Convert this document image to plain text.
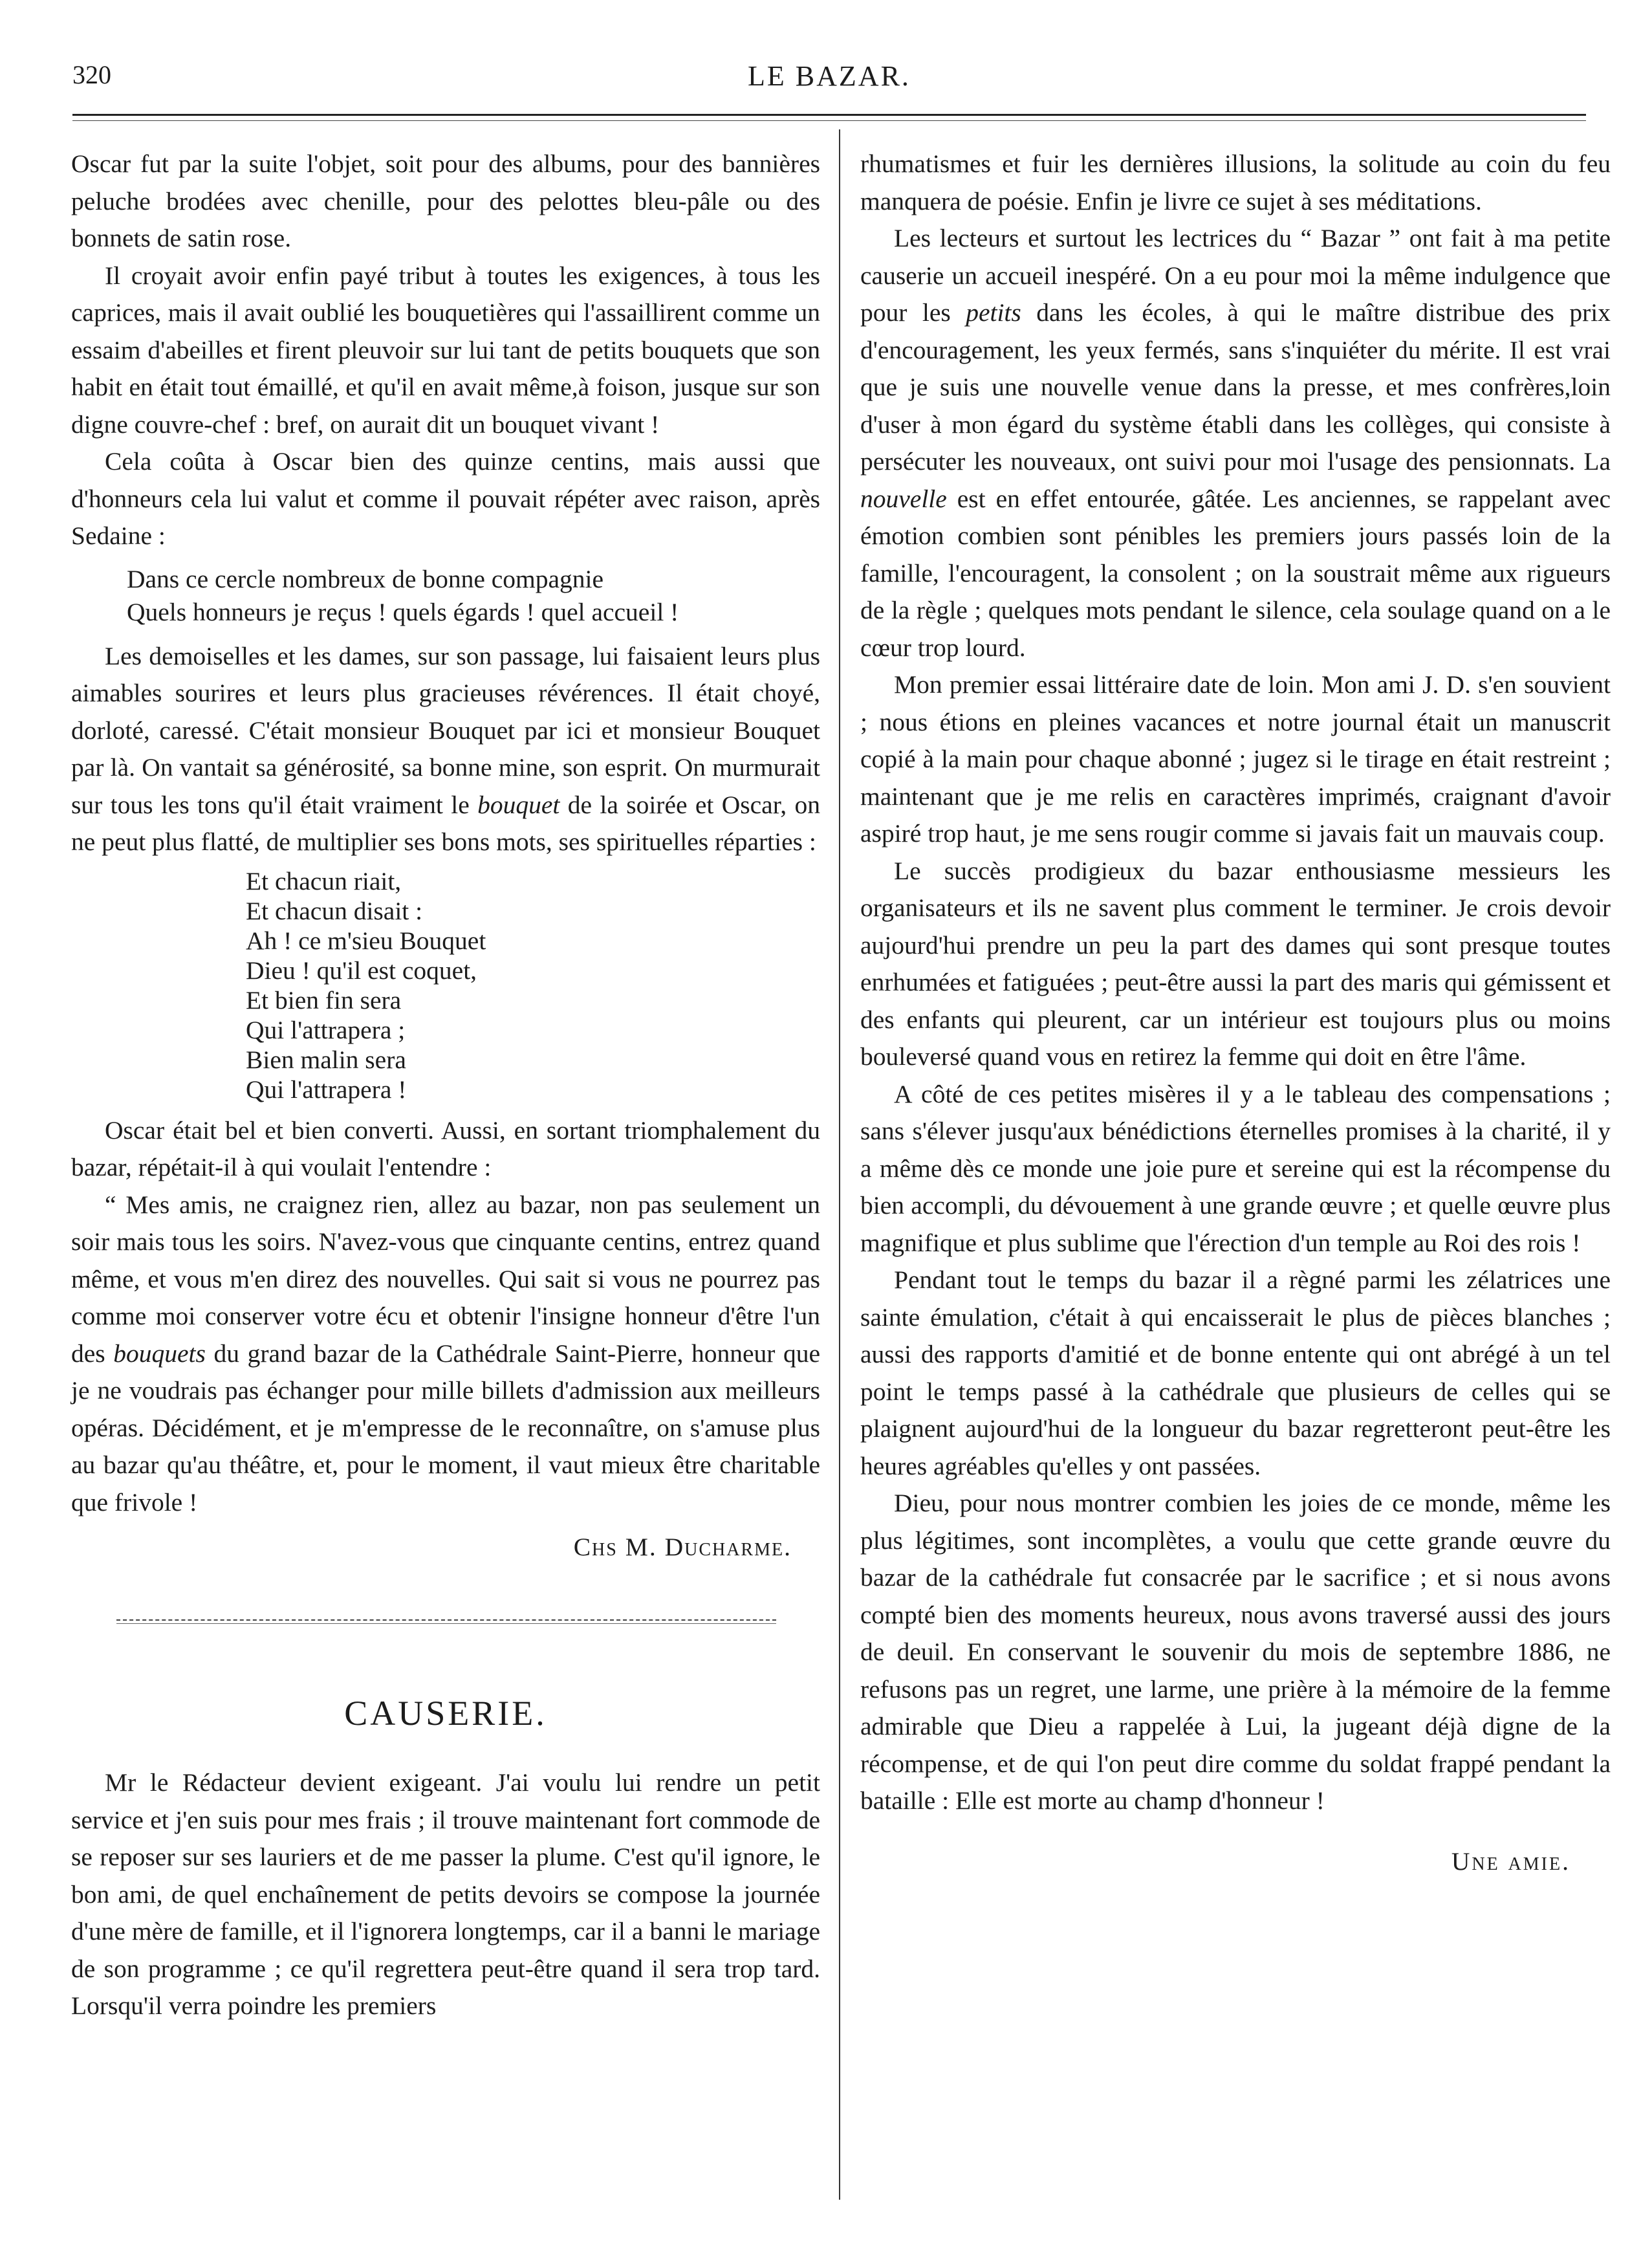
320	LE BAZAR.

Oscar fut par la suite l'objet, soit pour des albums, pour des bannières peluche brodées avec chenille, pour des pelottes bleu-pâle ou des bonnets de satin rose.

Il croyait avoir enfin payé tribut à toutes les exigences, à tous les caprices, mais il avait oublié les bouquetières qui l'assaillirent comme un essaim d'abeilles et firent pleuvoir sur lui tant de petits bouquets que son habit en était tout émaillé, et qu'il en avait même,à foison, jusque sur son digne couvre-chef : bref, on aurait dit un bouquet vivant !

Cela coûta à Oscar bien des quinze centins, mais aussi que d'honneurs cela lui valut et comme il pouvait répéter avec raison, après Sedaine :

Dans ce cercle nombreux de bonne compagnie
Quels honneurs je reçus ! quels égards ! quel accueil !

Les demoiselles et les dames, sur son passage, lui faisaient leurs plus aimables sourires et leurs plus gracieuses révérences. Il était choyé, dorloté, caressé. C'était monsieur Bouquet par ici et monsieur Bouquet par là. On vantait sa générosité, sa bonne mine, son esprit. On murmurait sur tous les tons qu'il était vraiment le bouquet de la soirée et Oscar, on ne peut plus flatté, de multiplier ses bons mots, ses spirituelles réparties :

Et chacun riait,
Et chacun disait :
Ah ! ce m'sieu Bouquet
Dieu ! qu'il est coquet,
Et bien fin sera
Qui l'attrapera ;
Bien malin sera
Qui l'attrapera !

Oscar était bel et bien converti. Aussi, en sortant triomphalement du bazar, répétait-il à qui voulait l'entendre :

“ Mes amis, ne craignez rien, allez au bazar, non pas seulement un soir mais tous les soirs. N'avez-vous que cinquante centins, entrez quand même, et vous m'en direz des nouvelles. Qui sait si vous ne pourrez pas comme moi conserver votre écu et obtenir l'insigne honneur d'être l'un des bouquets du grand bazar de la Cathédrale Saint-Pierre, honneur que je ne voudrais pas échanger pour mille billets d'admission aux meilleurs opéras. Décidément, et je m'empresse de le reconnaître, on s'amuse plus au bazar qu'au théâtre, et, pour le moment, il vaut mieux être charitable que frivole !

Chs M. Ducharme.
CAUSERIE.

Mr le Rédacteur devient exigeant. J'ai voulu lui rendre un petit service et j'en suis pour mes frais ; il trouve maintenant fort commode de se reposer sur ses lauriers et de me passer la plume. C'est qu'il ignore, le bon ami, de quel enchaînement de petits devoirs se compose la journée d'une mère de famille, et il l'ignorera longtemps, car il a banni le mariage de son programme ; ce qu'il regrettera peut-être quand il sera trop tard. Lorsqu'il verra poindre les premiers

rhumatismes et fuir les dernières illusions, la solitude au coin du feu manquera de poésie. Enfin je livre ce sujet à ses méditations.

Les lecteurs et surtout les lectrices du “ Bazar ” ont fait à ma petite causerie un accueil inespéré. On a eu pour moi la même indulgence que pour les petits dans les écoles, à qui le maître distribue des prix d'encouragement, les yeux fermés, sans s'inquiéter du mérite. Il est vrai que je suis une nouvelle venue dans la presse, et mes confrères,loin d'user à mon égard du système établi dans les collèges, qui consiste à persécuter les nouveaux, ont suivi pour moi l'usage des pensionnats. La nouvelle est en effet entourée, gâtée. Les anciennes, se rappelant avec émotion combien sont pénibles les premiers jours passés loin de la famille, l'encouragent, la consolent ; on la soustrait même aux rigueurs de la règle ; quelques mots pendant le silence, cela soulage quand on a le cœur trop lourd.

Mon premier essai littéraire date de loin. Mon ami J. D. s'en souvient ; nous étions en pleines vacances et notre journal était un manuscrit copié à la main pour chaque abonné ; jugez si le tirage en était restreint ; maintenant que je me relis en caractères imprimés, craignant d'avoir aspiré trop haut, je me sens rougir comme si javais fait un mauvais coup.

Le succès prodigieux du bazar enthousiasme messieurs les organisateurs et ils ne savent plus comment le terminer. Je crois devoir aujourd'hui prendre un peu la part des dames qui sont presque toutes enrhumées et fatiguées ; peut-être aussi la part des maris qui gémissent et des enfants qui pleurent, car un intérieur est toujours plus ou moins bouleversé quand vous en retirez la femme qui doit en être l'âme.

A côté de ces petites misères il y a le tableau des compensations ; sans s'élever jusqu'aux bénédictions éternelles promises à la charité, il y a même dès ce monde une joie pure et sereine qui est la récompense du bien accompli, du dévouement à une grande œuvre ; et quelle œuvre plus magnifique et plus sublime que l'érection d'un temple au Roi des rois !

Pendant tout le temps du bazar il a règné parmi les zélatrices une sainte émulation, c'était à qui encaisserait le plus de pièces blanches ; aussi des rapports d'amitié et de bonne entente qui ont abrégé à un tel point le temps passé à la cathédrale que plusieurs de celles qui se plaignent aujourd'hui de la longueur du bazar regretteront peut-être les heures agréables qu'elles y ont passées.

Dieu, pour nous montrer combien les joies de ce monde, même les plus légitimes, sont incomplètes, a voulu que cette grande œuvre du bazar de la cathédrale fut consacrée par le sacrifice ; et si nous avons compté bien des moments heureux, nous avons traversé aussi des jours de deuil. En conservant le souvenir du mois de septembre 1886, ne refusons pas un regret, une larme, une prière à la mémoire de la femme admirable que Dieu a rappelée à Lui, la jugeant déjà digne de la récompense, et de qui l'on peut dire comme du soldat frappé pendant la bataille : Elle est morte au champ d'honneur !

Une amie.
